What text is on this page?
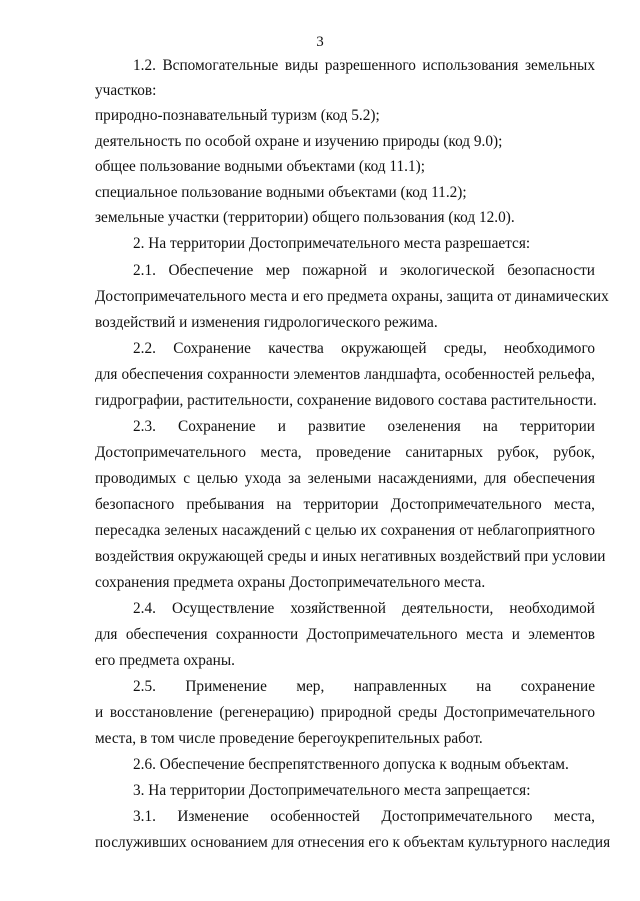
3
1.2. Вспомогательные виды разрешенного использования земельных
участков:
природно-познавательный туризм (код 5.2);
деятельность по особой охране и изучению природы (код 9.0);
общее пользование водными объектами (код 11.1);
специальное пользование водными объектами (код 11.2);
земельные участки (территории) общего пользования (код 12.0).
2. На территории Достопримечательного места разрешается:
2.1. Обеспечение мер пожарной и экологической безопасности
Достопримечательного места и его предмета охраны, защита от динамических
воздействий и изменения гидрологического режима.
2.2. Сохранение качества окружающей среды, необходимого
для обеспечения сохранности элементов ландшафта, особенностей рельефа,
гидрографии, растительности, сохранение видового состава растительности.
2.3. Сохранение и развитие озеленения на территории
Достопримечательного места, проведение санитарных рубок, рубок,
проводимых с целью ухода за зелеными насаждениями, для обеспечения
безопасного пребывания на территории Достопримечательного места,
пересадка зеленых насаждений с целью их сохранения от неблагоприятного
воздействия окружающей среды и иных негативных воздействий при условии
сохранения предмета охраны Достопримечательного места.
2.4. Осуществление хозяйственной деятельности, необходимой
для обеспечения сохранности Достопримечательного места и элементов
его предмета охраны.
2.5. Применение мер, направленных на сохранение
и восстановление (регенерацию) природной среды Достопримечательного
места, в том числе проведение берегоукрепительных работ.
2.6. Обеспечение беспрепятственного допуска к водным объектам.
3. На территории Достопримечательного места запрещается:
3.1. Изменение особенностей Достопримечательного места,
послуживших основанием для отнесения его к объектам культурного наследия
